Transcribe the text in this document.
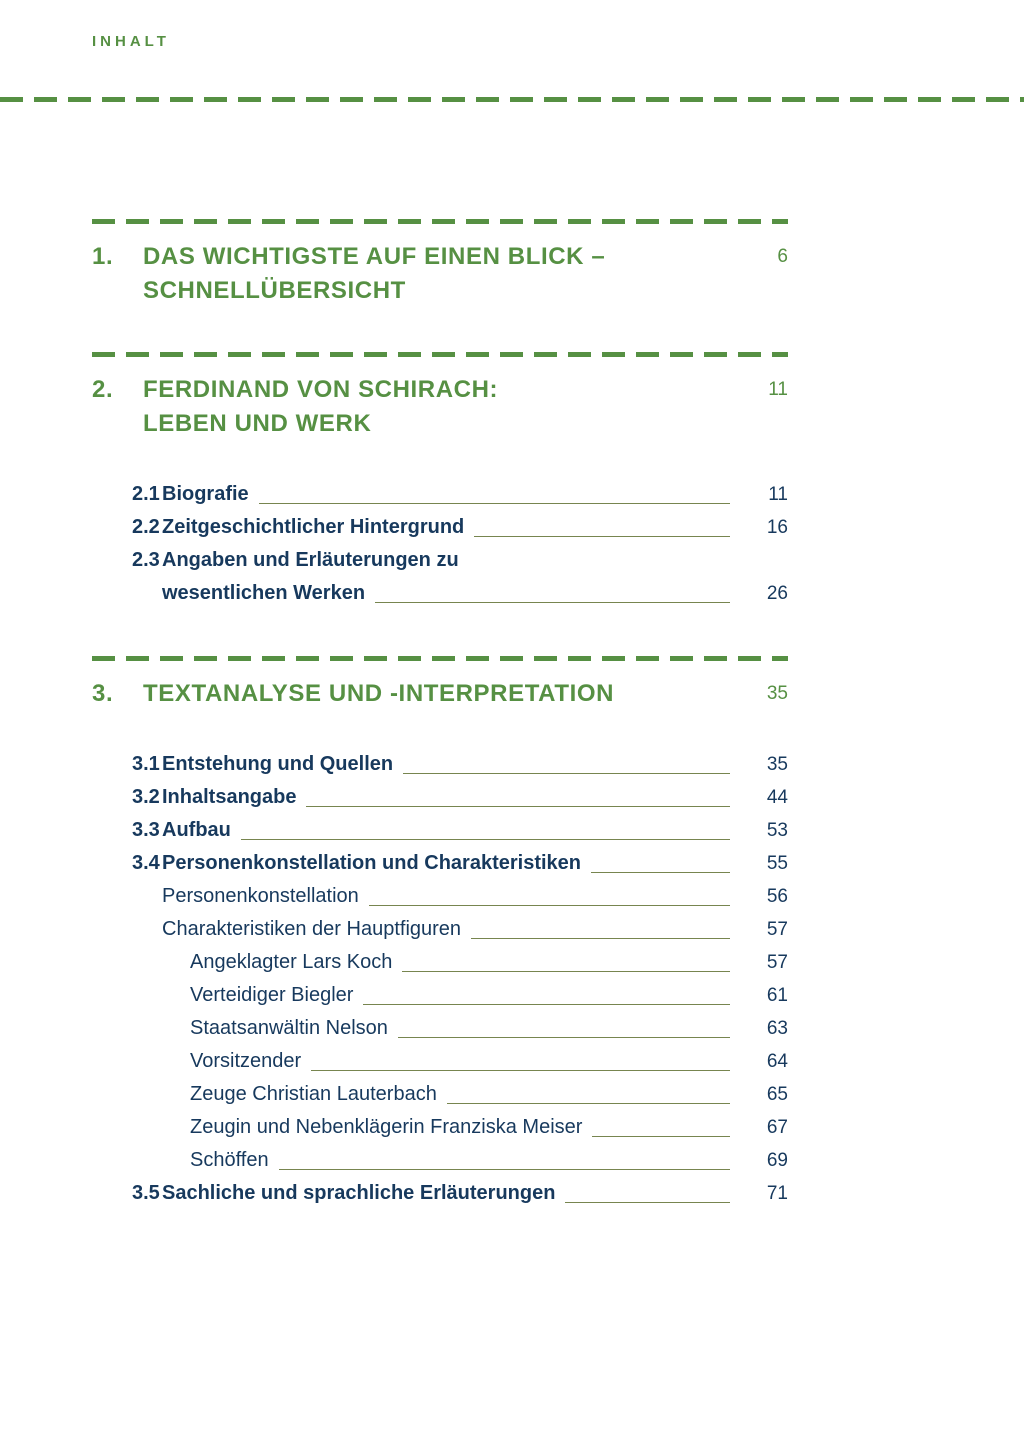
INHALT
1.	DAS WICHTIGSTE AUF EINEN BLICK –
SCHNELLÜBERSICHT
6
2.	FERDINAND VON SCHIRACH:
LEBEN UND WERK
11
2.1 Biografie	11
2.2 Zeitgeschichtlicher Hintergrund	16
2.3 Angaben und Erläuterungen zu
wesentlichen Werken	26
3.	TEXTANALYSE UND -INTERPRETATION	35
3.1 Entstehung und Quellen	35
3.2 Inhaltsangabe	44
3.3 Aufbau	53
3.4 Personenkonstellation und Charakteristiken	55
Personenkonstellation	56
Charakteristiken der Hauptfiguren	57
Angeklagter Lars Koch	57
Verteidiger Biegler	61
Staatsanwältin Nelson	63
Vorsitzender	64
Zeuge Christian Lauterbach	65
Zeugin und Nebenklägerin Franziska Meiser	67
Schöffen	69
3.5 Sachliche und sprachliche Erläuterungen	71
